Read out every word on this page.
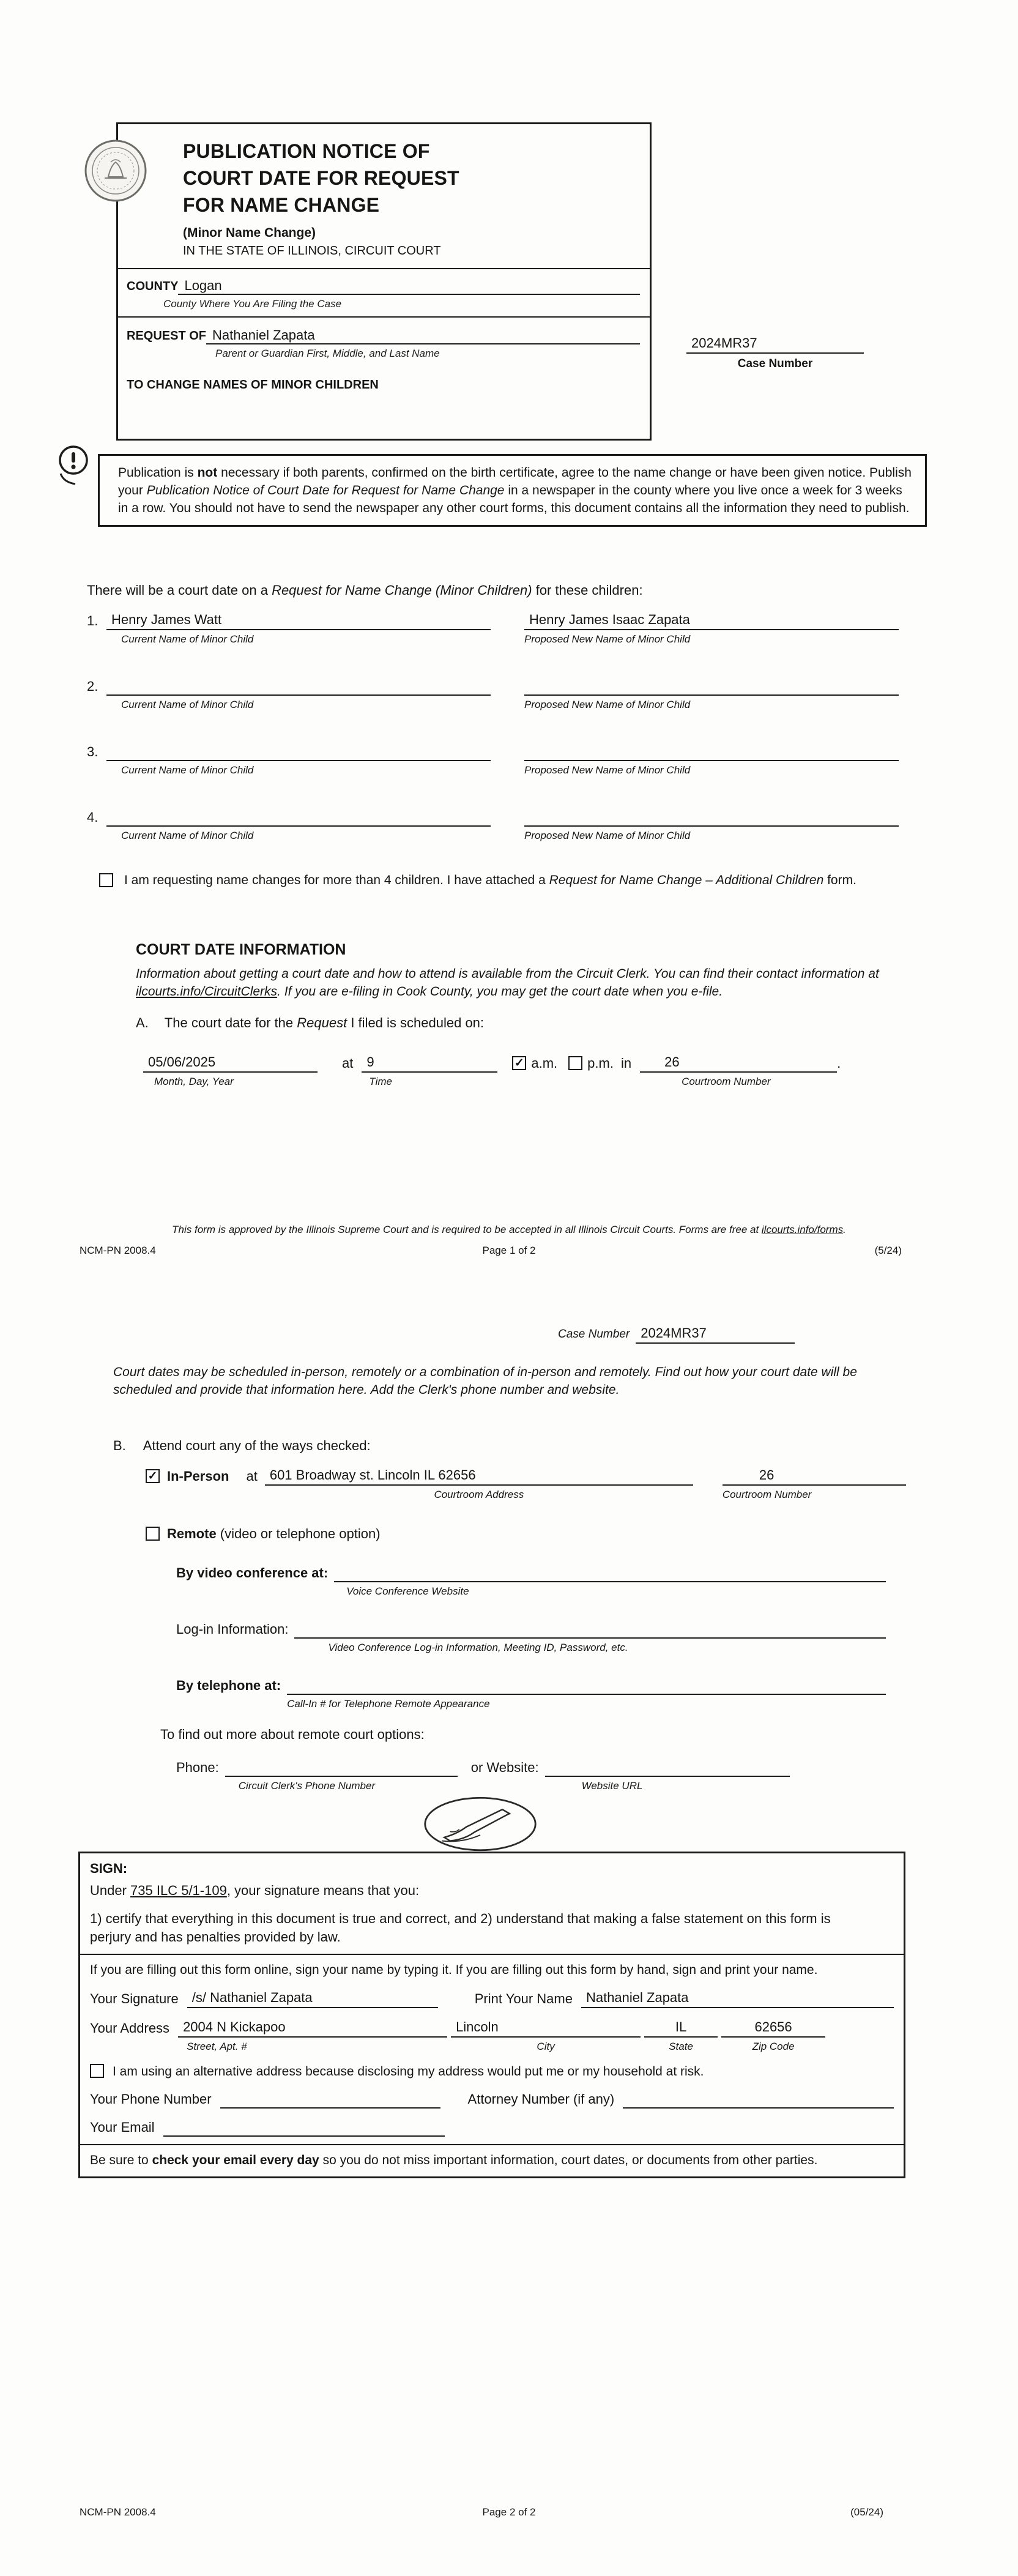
PUBLICATION NOTICE OF
COURT DATE FOR REQUEST
FOR NAME CHANGE
(Minor Name Change)
IN THE STATE OF ILLINOIS, CIRCUIT COURT
COUNTY Logan
County Where You Are Filing the Case
REQUEST OF Nathaniel Zapata
Parent or Guardian First, Middle, and Last Name
TO CHANGE NAMES OF MINOR CHILDREN
2024MR37
Case Number
Publication is not necessary if both parents, confirmed on the birth certificate, agree to the name change or have been given notice. Publish your Publication Notice of Court Date for Request for Name Change in a newspaper in the county where you live once a week for 3 weeks in a row. You should not have to send the newspaper any other court forms, this document contains all the information they need to publish.
There will be a court date on a Request for Name Change (Minor Children) for these children:
1. Henry James Watt
Current Name of Minor Child
Henry James Isaac Zapata
Proposed New Name of Minor Child
2.
Current Name of Minor Child	Proposed New Name of Minor Child
3.
Current Name of Minor Child	Proposed New Name of Minor Child
4.
Current Name of Minor Child	Proposed New Name of Minor Child
I am requesting name changes for more than 4 children. I have attached a Request for Name Change – Additional Children form.
COURT DATE INFORMATION
Information about getting a court date and how to attend is available from the Circuit Clerk. You can find their contact information at ilcourts.info/CircuitClerks. If you are e-filing in Cook County, you may get the court date when you e-file.
A. The court date for the Request I filed is scheduled on:
05/06/2025
Month, Day, Year
at	9
Time
✓ a.m. p.m. in	26
Courtroom Number
.
This form is approved by the Illinois Supreme Court and is required to be accepted in all Illinois Circuit Courts. Forms are free at ilcourts.info/forms.
NCM-PN 2008.4	Page 1 of 2	(5/24)
Case Number 2024MR37
Court dates may be scheduled in-person, remotely or a combination of in-person and remotely. Find out how your court date will be scheduled and provide that information here. Add the Clerk's phone number and website.
B. Attend court any of the ways checked:
✓ In-Person at 601 Broadway st. Lincoln IL 62656
Courtroom Address
26
Courtroom Number
Remote (video or telephone option)
By video conference at:
Voice Conference Website
Log-in Information:
Video Conference Log-in Information, Meeting ID, Password, etc.
By telephone at:
Call-In # for Telephone Remote Appearance
To find out more about remote court options:
Phone:
Circuit Clerk's Phone Number
or Website:
Website URL
SIGN:
Under 735 ILC 5/1-109, your signature means that you:
1) certify that everything in this document is true and correct, and 2) understand that making a false statement on this form is perjury and has penalties provided by law.
If you are filling out this form online, sign your name by typing it. If you are filling out this form by hand, sign and print your name.
Your Signature	/s/ Nathaniel Zapata	Print Your Name	Nathaniel Zapata
Your Address	2004 N Kickapoo
Street, Apt. #
Lincoln
City
IL
State
62656
Zip Code
I am using an alternative address because disclosing my address would put me or my household at risk.
Your Phone Number	Attorney Number (if any)
Your Email
Be sure to check your email every day so you do not miss important information, court dates, or documents from other parties.
NCM-PN 2008.4	Page 2 of 2	(05/24)
